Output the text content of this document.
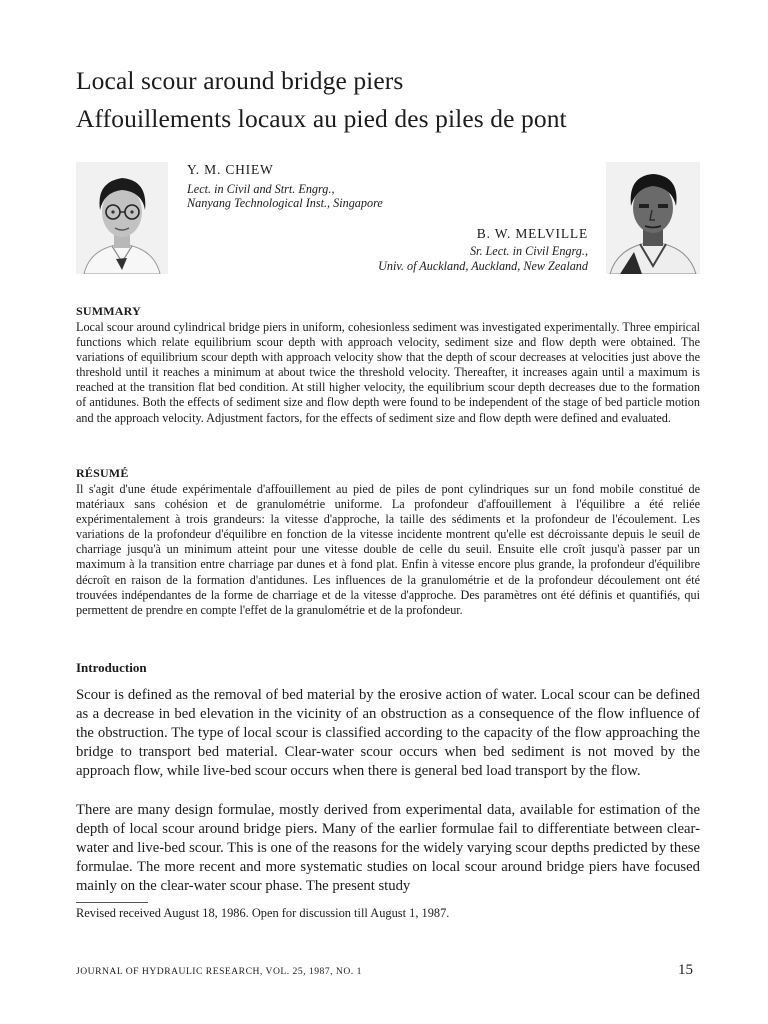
Local scour around bridge piers
Affouillements locaux au pied des piles de pont
Y. M. CHIEW
Lect. in Civil and Strt. Engrg.,
Nanyang Technological Inst., Singapore
B. W. MELVILLE
Sr. Lect. in Civil Engrg.,
Univ. of Auckland, Auckland, New Zealand
SUMMARY

Local scour around cylindrical bridge piers in uniform, cohesionless sediment was investigated experimentally. Three empirical functions which relate equilibrium scour depth with approach velocity, sediment size and flow depth were obtained. The variations of equilibrium scour depth with approach velocity show that the depth of scour decreases at velocities just above the threshold until it reaches a minimum at about twice the threshold velocity. Thereafter, it increases again until a maximum is reached at the transition flat bed condition. At still higher velocity, the equilibrium scour depth decreases due to the formation of antidunes. Both the effects of sediment size and flow depth were found to be independent of the stage of bed particle motion and the approach velocity. Adjustment factors, for the effects of sediment size and flow depth were defined and evaluated.

RÉSUMÉ

Il s'agit d'une étude expérimentale d'affouillement au pied de piles de pont cylindriques sur un fond mobile constitué de matériaux sans cohésion et de granulométrie uniforme. La profondeur d'affouillement à l'équilibre a été reliée expérimentalement à trois grandeurs: la vitesse d'approche, la taille des sédiments et la profondeur de l'écoulement. Les variations de la profondeur d'équilibre en fonction de la vitesse incidente montrent qu'elle est décroissante depuis le seuil de charriage jusqu'à un minimum atteint pour une vitesse double de celle du seuil. Ensuite elle croît jusqu'à passer par un maximum à la transition entre charriage par dunes et à fond plat. Enfin à vitesse encore plus grande, la profondeur d'équilibre décroît en raison de la formation d'antidunes. Les influences de la granulométrie et de la profondeur découlement ont été trouvées indépendantes de la forme de charriage et de la vitesse d'approche. Des paramètres ont été définis et quantifiés, qui permettent de prendre en compte l'effet de la granulométrie et de la profondeur.

Introduction

Scour is defined as the removal of bed material by the erosive action of water. Local scour can be defined as a decrease in bed elevation in the vicinity of an obstruction as a consequence of the flow influence of the obstruction. The type of local scour is classified according to the capacity of the flow approaching the bridge to transport bed material. Clear-water scour occurs when bed sediment is not moved by the approach flow, while live-bed scour occurs when there is general bed load transport by the flow.

There are many design formulae, mostly derived from experimental data, available for estimation of the depth of local scour around bridge piers. Many of the earlier formulae fail to differentiate between clear-water and live-bed scour. This is one of the reasons for the widely varying scour depths predicted by these formulae. The more recent and more systematic studies on local scour around bridge piers have focused mainly on the clear-water scour phase. The present study

Revised received August 18, 1986. Open for discussion till August 1, 1987.
JOURNAL OF HYDRAULIC RESEARCH, VOL. 25, 1987, NO. 1	15
